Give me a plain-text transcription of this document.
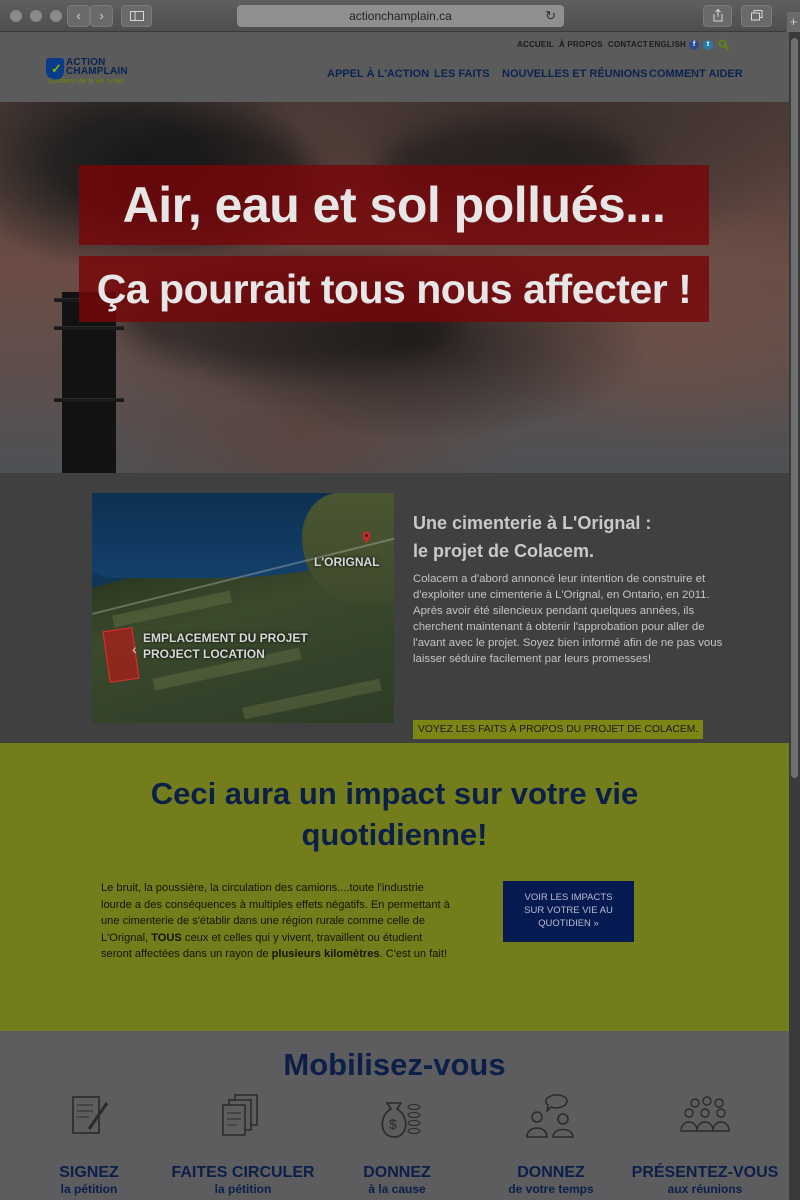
‹	›	actionchamplain.ca	↻	+
✓ ACTION
CHAMPLAIN
Gardiens de la vie rurale
ACCUEIL À PROPOS CONTACT ENGLISH f	t
APPEL À L'ACTION LES FAITS NOUVELLES ET RÉUNIONS COMMENT AIDER
Air, eau et sol pollués...
Ça pourrait tous nous affecter !
L'ORIGNAL
‹
EMPLACEMENT DU PROJET
PROJECT LOCATION
Une cimenterie à L'Orignal :
le projet de Colacem.
Colacem a d'abord annoncé leur intention de construire et d'exploiter une cimenterie à L'Orignal, en Ontario, en 2011. Après avoir été silencieux pendant quelques années, ils cherchent maintenant à obtenir l'approbation pour aller de l'avant avec le projet. Soyez bien informé afin de ne pas vous laisser séduire facilement par leurs promesses!
VOYEZ LES FAITS À PROPOS DU PROJET DE COLACEM.
Ceci aura un impact sur votre vie
quotidienne!
Le bruit, la poussière, la circulation des camions....toute l'industrie lourde a des conséquences à multiples effets négatifs. En permettant à une cimenterie de s'établir dans une région rurale comme celle de L'Orignal, TOUS ceux et celles qui y vivent, travaillent ou étudient seront affectées dans un rayon de plusieurs kilomètres. C'est un fait!
VOIR LES IMPACTS
SUR VOTRE VIE AU
QUOTIDIEN »
Mobilisez-vous
SIGNEZ
la pétition
FAITES CIRCULER
la pétition
$
DONNEZ
à la cause
DONNEZ
de votre temps
PRÉSENTEZ-VOUS
aux réunions
